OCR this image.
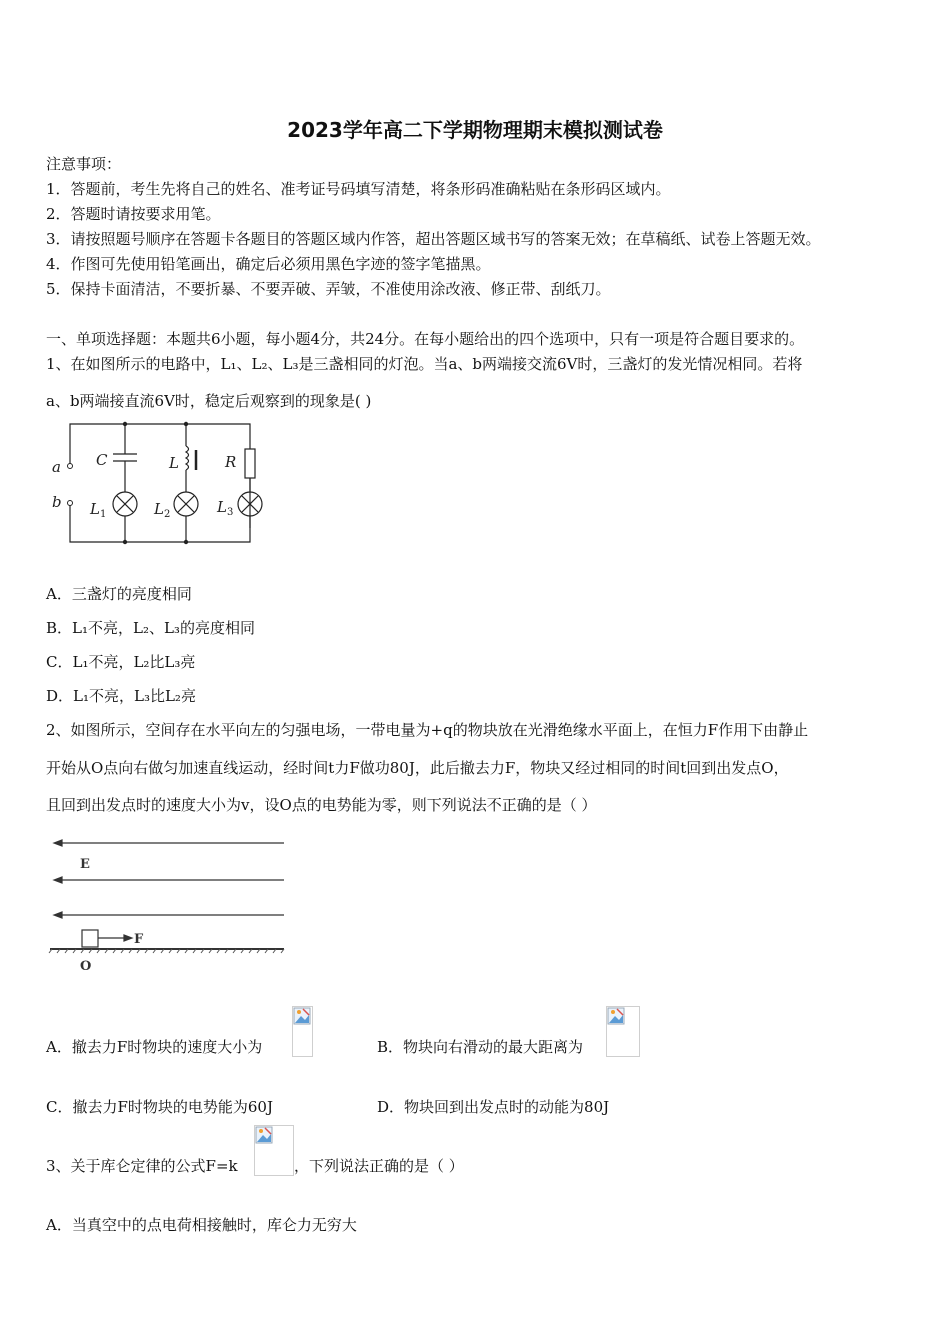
2023学年高二下学期物理期末模拟测试卷
注意事项：
1．答题前，考生先将自己的姓名、准考证号码填写清楚，将条形码准确粘贴在条形码区域内。
2．答题时请按要求用笔。
3．请按照题号顺序在答题卡各题目的答题区域内作答，超出答题区域书写的答案无效；在草稿纸、试卷上答题无效。
4．作图可先使用铅笔画出，确定后必须用黑色字迹的签字笔描黑。
5．保持卡面清洁，不要折暴、不要弄破、弄皱，不准使用涂改液、修正带、刮纸刀。
一、单项选择题：本题共6小题，每小题4分，共24分。在每小题给出的四个选项中，只有一项是符合题目要求的。
1、在如图所示的电路中，L₁、L₂、L₃是三盏相同的灯泡。当a、b两端接交流6V时，三盏灯的发光情况相同。若将
a、b两端接直流6V时，稳定后观察到的现象是( )
a
b
C	L	R
L	L	L
1	2	3
A．三盏灯的亮度相同
B．L₁不亮，L₂、L₃的亮度相同
C．L₁不亮，L₂比L₃亮
D．L₁不亮，L₃比L₂亮
2、如图所示，空间存在水平向左的匀强电场，一带电量为+q的物块放在光滑绝缘水平面上，在恒力F作用下由静止
开始从O点向右做匀加速直线运动，经时间t力F做功80J，此后撤去力F，物块又经过相同的时间t回到出发点O，
且回到出发点时的速度大小为v，设O点的电势能为零，则下列说法不正确的是（ ）
E
F
O
A．撤去力F时物块的速度大小为	B．物块向右滑动的最大距离为
C．撤去力F时物块的电势能为60J	D．物块回到出发点时的动能为80J
3、关于库仑定律的公式F=k	，下列说法正确的是（ ）
A．当真空中的点电荷相接触时，库仑力无穷大
